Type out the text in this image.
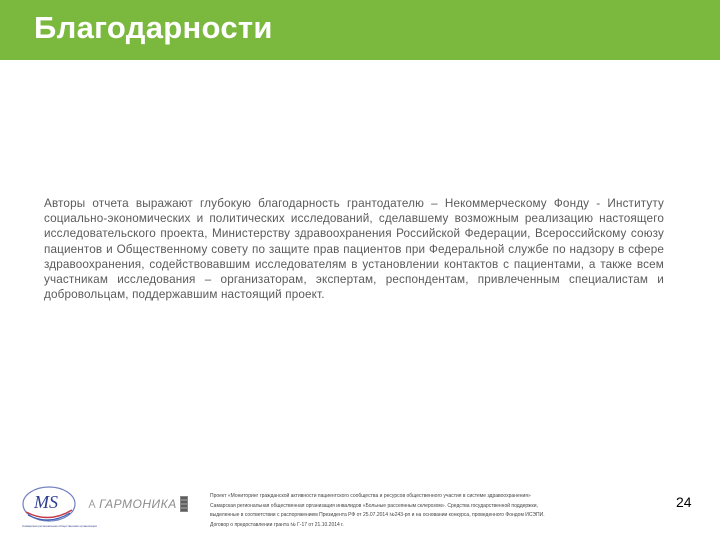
Благодарности
Авторы отчета выражают глубокую благодарность грантодателю – Некоммерческому Фонду - Институту социально-экономических и политических исследований, сделавшему возможным реализацию настоящего исследовательского проекта, Министерству здравоохранения Российской Федерации, Всероссийскому союзу пациентов и Общественному совету по защите прав пациентов при Федеральной службе по надзору в сфере здравоохранения, содействовавшим исследователям в установлении контактов с пациентами, а также всем участникам исследования – организаторам, экспертам, респондентам, привлеченным специалистам и добровольцам, поддержавшим настоящий проект.
MS
Самарская региональная общественная организация
ГАРМОНИКА
Проект «Мониторинг гражданской активности пациентского сообщества и ресурсов общественного участия в системе здравоохранения»
Самарская региональная общественная организация инвалидов «Больные рассеянным склерозом». Средства государственной поддержки,
выделенные в соответствии с распоряжением Президента РФ от 25.07.2014 №243-рп и на основании конкурса, проведенного Фондом ИСЭПИ.
Договор о предоставлении гранта № Г-17 от 21.10.2014 г.
24
